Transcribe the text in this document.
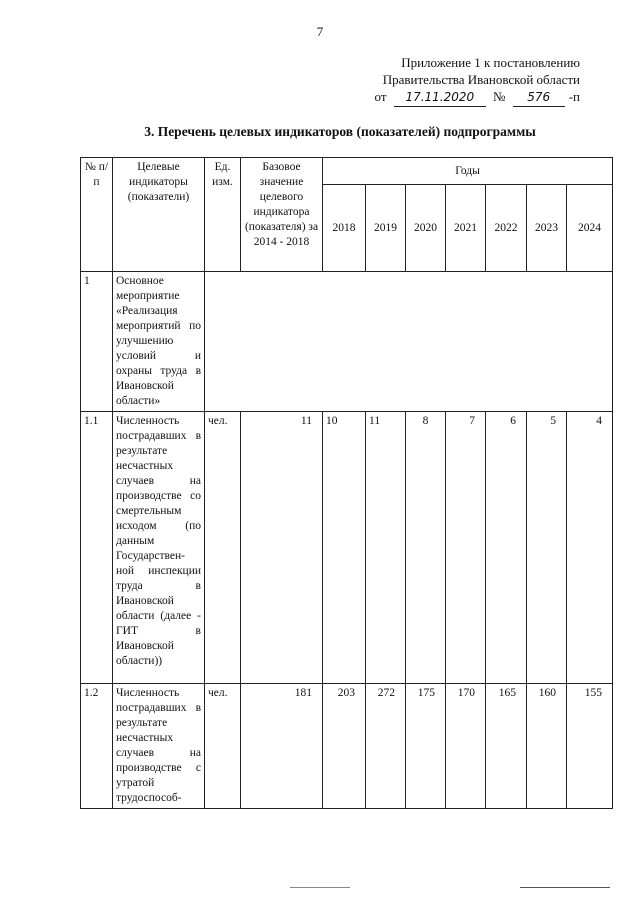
7
Приложение 1 к постановлению
Правительства Ивановской области
от 17.11.2020 № 576 -п
3. Перечень целевых индикаторов (показателей) подпрограммы
№ п/п	Целевые индикаторы (показатели)	Ед. изм.	Базовое значение целевого индикатора (показателя) за 2014 - 2018	Годы						
				2018	2019	2020	2021	2022	2023	2024
1	Основное мероприятие «Реализация мероприятий по улучшению условий и охраны труда в Ивановской области»									
1.1	Численность пострадавших в результате несчастных случаев на производстве со смертельным исходом (по данным Государствен-ной инспекции труда в Ивановской области (далее - ГИТ в Ивановской области))	чел.	11	10	11	8	7	6	5	4
1.2	Численность пострадавших в результате несчастных случаев на производстве с утратой трудоспособ-	чел.	181	203	272	175	170	165	160	155
